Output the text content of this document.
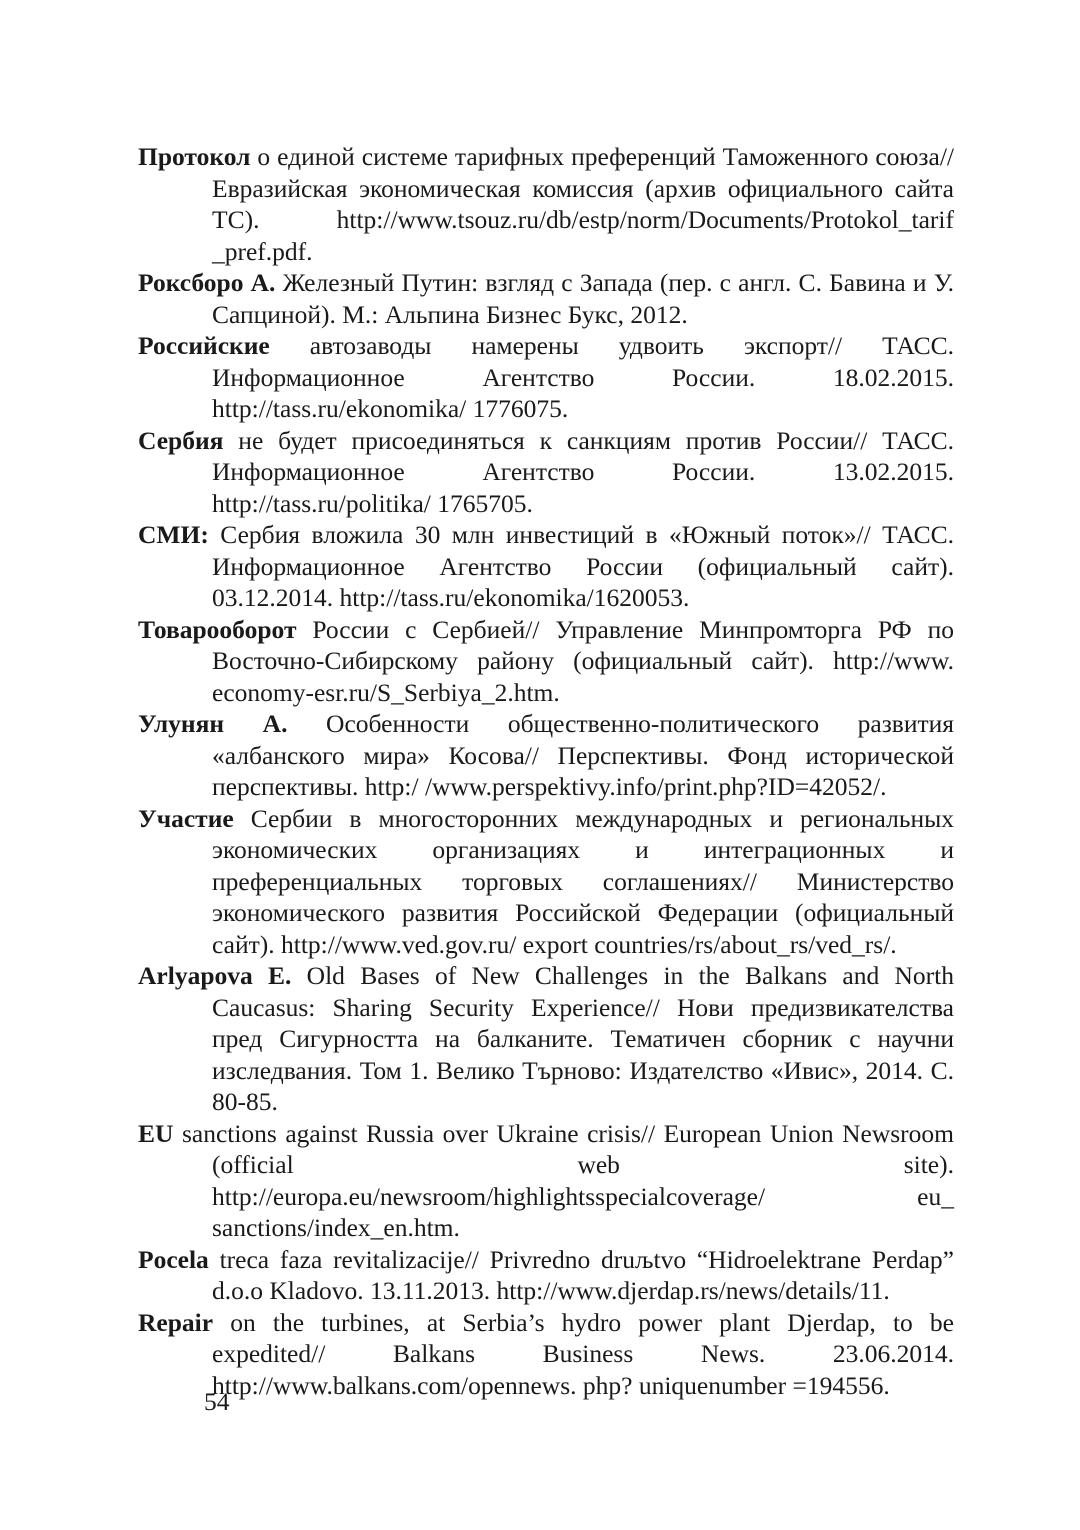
Протокол о единой системе тарифных преференций Таможенного союза// Евразийская экономическая комиссия (архив официального сайта ТС). http://www.tsouz.ru/db/estp/norm/Documents/Protokol_tarif _pref.pdf.

Роксборо А. Железный Путин: взгляд с Запада (пер. с англ. С. Бавина и У. Сапциной). М.: Альпина Бизнес Букс, 2012.

Российские автозаводы намерены удвоить экспорт// ТАСС. Информационное Агентство России. 18.02.2015. http://tass.ru/ekonomika/ 1776075.

Сербия не будет присоединяться к санкциям против России// ТАСС. Информационное Агентство России. 13.02.2015. http://tass.ru/politika/ 1765705.

СМИ: Сербия вложила 30 млн инвестиций в «Южный поток»// ТАСС. Информационное Агентство России (официальный сайт). 03.12.2014. http://tass.ru/ekonomika/1620053.

Товарооборот России с Сербией// Управление Минпромторга РФ по Восточно-Сибирскому району (официальный сайт). http://www. economy-esr.ru/S_Serbiya_2.htm.

Улунян А. Особенности общественно-политического развития «албанского мира» Косова// Перспективы. Фонд исторической перспективы. http:/ /www.perspektivy.info/print.php?ID=42052/.

Участие Сербии в многосторонних международных и региональных экономических организациях и интеграционных и преференциальных торговых соглашениях// Министерство экономического развития Российской Федерации (официальный сайт). http://www.ved.gov.ru/ export countries/rs/about_rs/ved_rs/.

Arlyapova E. Old Bases of New Challenges in the Balkans and North Caucasus: Sharing Security Experience// Нови предизвикателства пред Сигурността на балканите. Тематичен сборник с научни изследвания. Том 1. Велико Търново: Издателство «Ивис», 2014. С. 80-85.

EU sanctions against Russia over Ukraine crisis// European Union Newsroom (official web site). http://europa.eu/newsroom/highlightsspecialcoverage/ eu_ sanctions/index_en.htm.

Pocela treca faza revitalizacije// Privredno druљtvo “Hidroelektrane Perdap” d.o.o Kladovo. 13.11.2013. http://www.djerdap.rs/news/details/11.

Repair on the turbines, at Serbia’s hydro power plant Djerdap, to be expedited// Balkans Business News. 23.06.2014. http://www.balkans.com/opennews. php? uniquenumber =194556.

54
